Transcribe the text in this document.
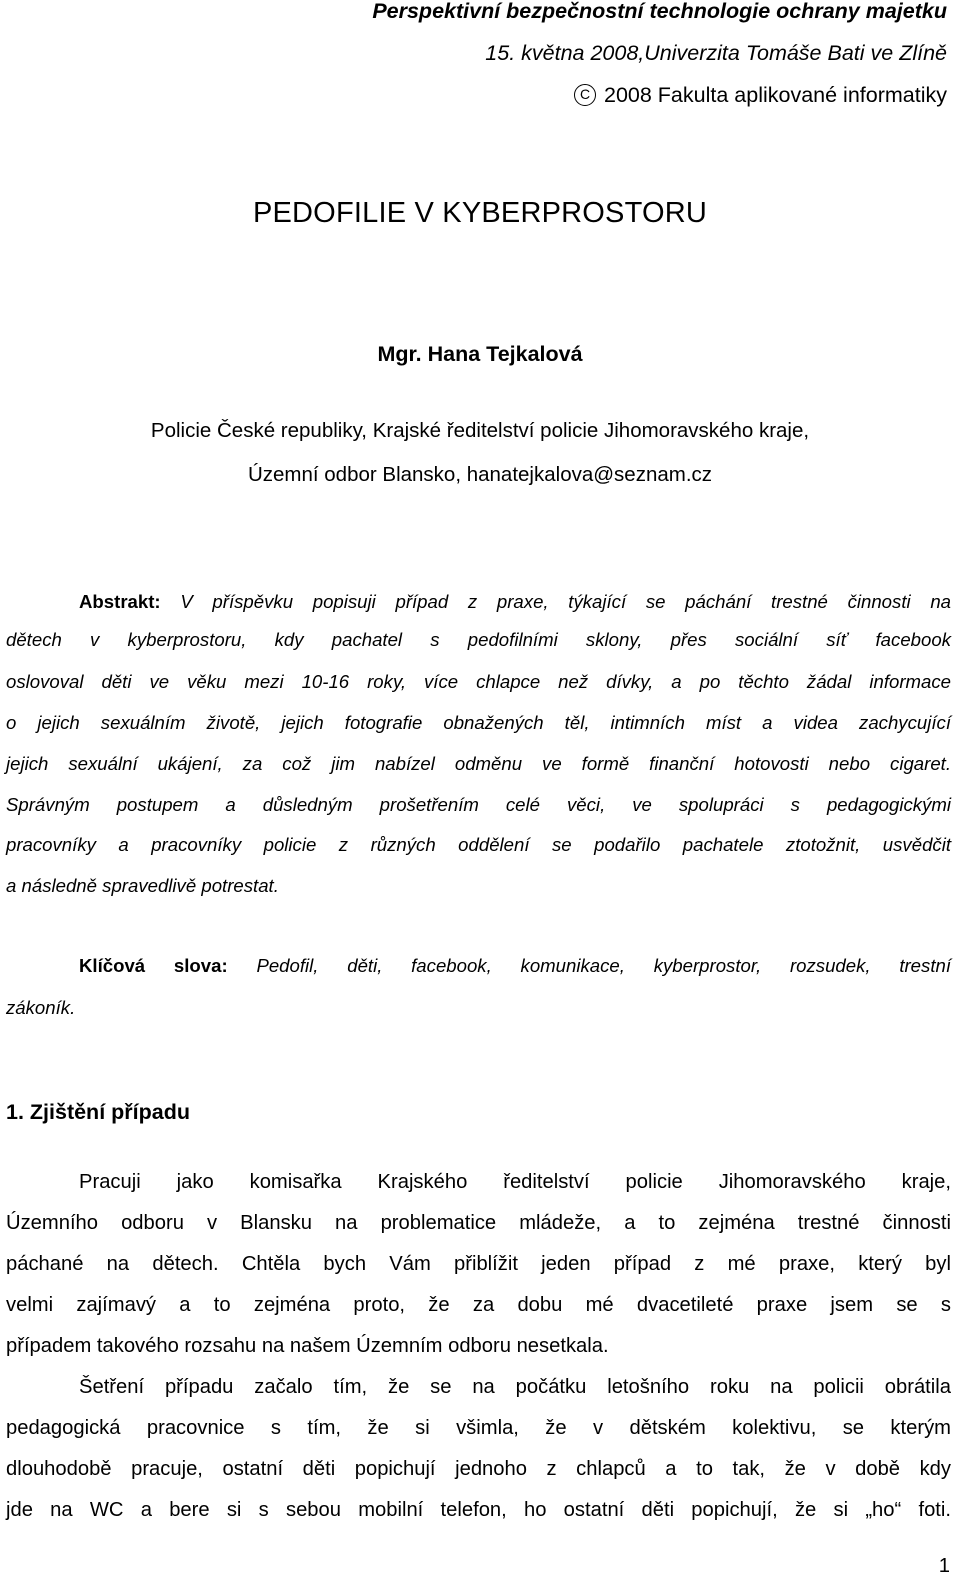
Perspektivní bezpečnostní technologie ochrany majetku

15. května 2008,Univerzita Tomáše Bati ve Zlíně

C 2008 Fakulta aplikované informatiky

PEDOFILIE V KYBERPROSTORU

Mgr. Hana Tejkalová

Policie České republiky, Krajské ředitelství policie Jihomoravského kraje,

Územní odbor Blansko, hanatejkalova@seznam.cz

Abstrakt: V příspěvku popisuji případ z praxe, týkající se páchání trestné činnosti na

dětech v kyberprostoru, kdy pachatel s pedofilními sklony, přes sociální síť facebook

oslovoval děti ve věku mezi 10-16 roky, více chlapce než dívky, a po těchto žádal informace

o jejich sexuálním životě, jejich fotografie obnažených těl, intimních míst a videa zachycující

jejich sexuální ukájení, za což jim nabízel odměnu ve formě finanční hotovosti nebo cigaret.

Správným postupem a důsledným prošetřením celé věci, ve spolupráci s pedagogickými

pracovníky a pracovníky policie z různých oddělení se podařilo pachatele ztotožnit, usvědčit

a následně spravedlivě potrestat.

Klíčová slova: Pedofil, děti, facebook, komunikace, kyberprostor, rozsudek, trestní

zákoník.

1. Zjištění případu

Pracuji jako komisařka Krajského ředitelství policie Jihomoravského kraje,

Územního odboru v Blansku na problematice mládeže, a to zejména trestné činnosti

páchané na dětech. Chtěla bych Vám přiblížit jeden případ z mé praxe, který byl

velmi zajímavý a to zejména proto, že za dobu mé dvacetileté praxe jsem se s

případem takového rozsahu na našem Územním odboru nesetkala.

Šetření případu začalo tím, že se na počátku letošního roku na policii obrátila

pedagogická pracovnice s tím, že si všimla, že v dětském kolektivu, se kterým

dlouhodobě pracuje, ostatní děti popichují jednoho z chlapců a to tak, že v době kdy

jde na WC a bere si s sebou mobilní telefon, ho ostatní děti popichují, že si „ho“ foti.

1
